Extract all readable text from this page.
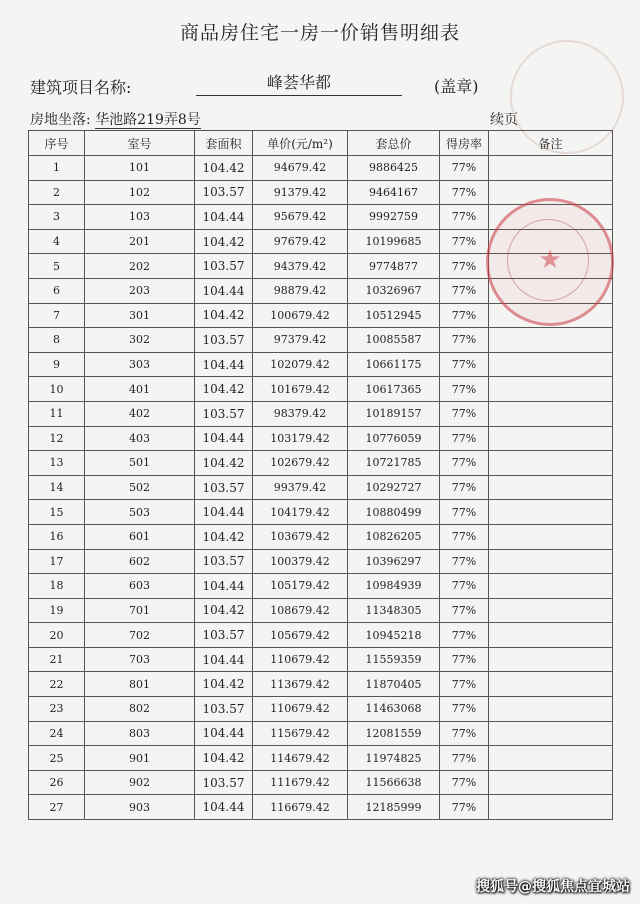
商品房住宅一房一价销售明细表
建筑项目名称:	峰荟华都	(盖章)
房地坐落: 华池路219弄8号	续页
序号	室号	套面积	单价(元/m²)	套总价	得房率	备注
1	101	104.42	94679.42	9886425	77%	
2	102	103.57	91379.42	9464167	77%	
3	103	104.44	95679.42	9992759	77%	
4	201	104.42	97679.42	10199685	77%	
5	202	103.57	94379.42	9774877	77%	
6	203	104.44	98879.42	10326967	77%	
7	301	104.42	100679.42	10512945	77%	
8	302	103.57	97379.42	10085587	77%	
9	303	104.44	102079.42	10661175	77%	
10	401	104.42	101679.42	10617365	77%	
11	402	103.57	98379.42	10189157	77%	
12	403	104.44	103179.42	10776059	77%	
13	501	104.42	102679.42	10721785	77%	
14	502	103.57	99379.42	10292727	77%	
15	503	104.44	104179.42	10880499	77%	
16	601	104.42	103679.42	10826205	77%	
17	602	103.57	100379.42	10396297	77%	
18	603	104.44	105179.42	10984939	77%	
19	701	104.42	108679.42	11348305	77%	
20	702	103.57	105679.42	10945218	77%	
21	703	104.44	110679.42	11559359	77%	
22	801	104.42	113679.42	11870405	77%	
23	802	103.57	110679.42	11463068	77%	
24	803	104.44	115679.42	12081559	77%	
25	901	104.42	114679.42	11974825	77%	
26	902	103.57	111679.42	11566638	77%	
27	903	104.44	116679.42	12185999	77%	
★
搜狐号@搜狐焦点宜城站
